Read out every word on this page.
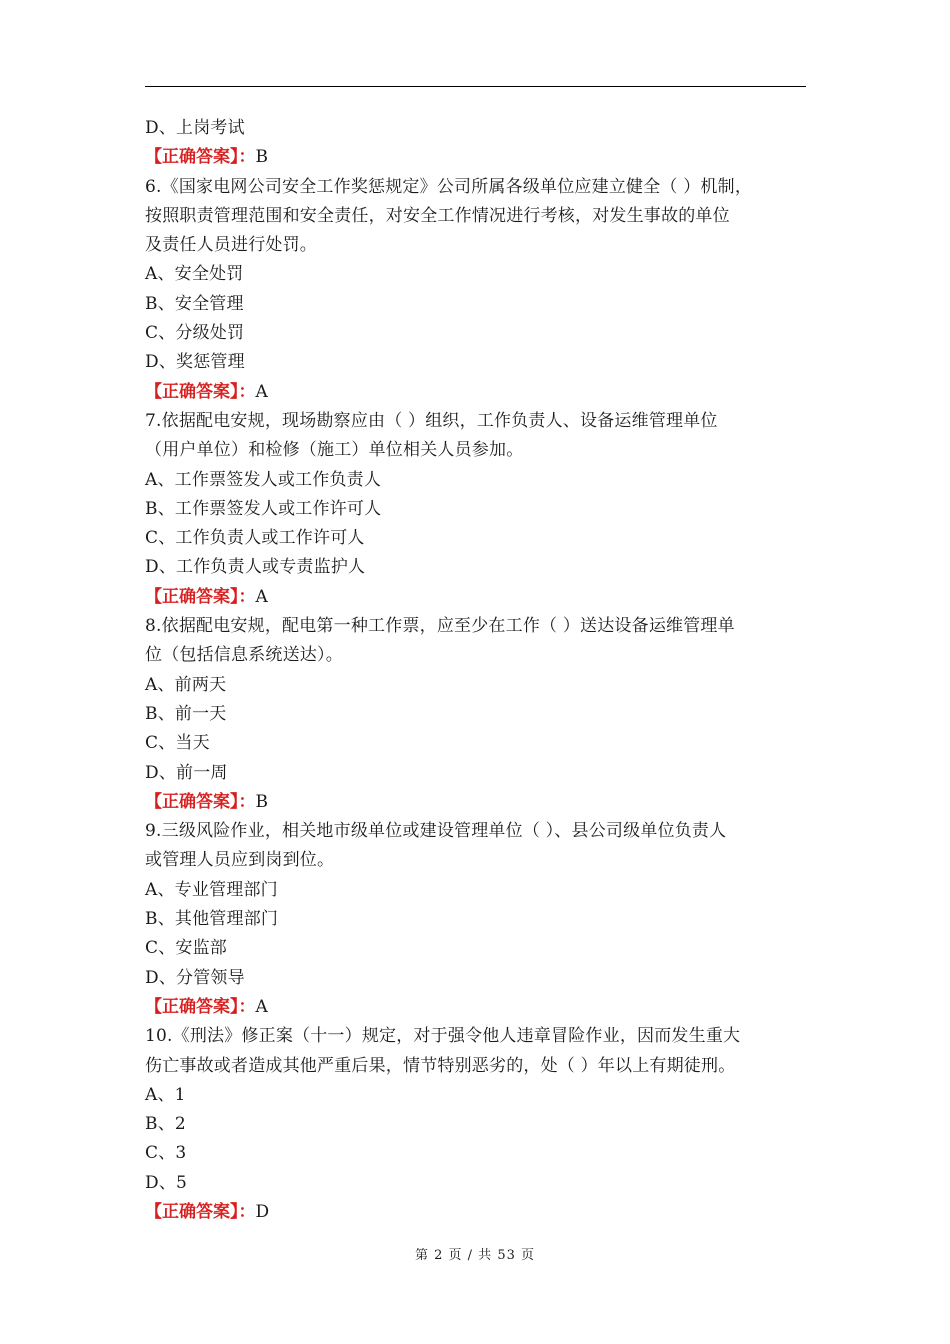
D、上岗考试
【正确答案】：B
6.《国家电网公司安全工作奖惩规定》公司所属各级单位应建立健全（ ）机制，
按照职责管理范围和安全责任，对安全工作情况进行考核，对发生事故的单位
及责任人员进行处罚。
A、安全处罚
B、安全管理
C、分级处罚
D、奖惩管理
【正确答案】：A
7.依据配电安规，现场勘察应由（ ）组织，工作负责人、设备运维管理单位
（用户单位）和检修（施工）单位相关人员参加。
A、工作票签发人或工作负责人
B、工作票签发人或工作许可人
C、工作负责人或工作许可人
D、工作负责人或专责监护人
【正确答案】：A
8.依据配电安规，配电第一种工作票，应至少在工作（ ）送达设备运维管理单
位（包括信息系统送达）。
A、前两天
B、前一天
C、当天
D、前一周
【正确答案】：B
9.三级风险作业，相关地市级单位或建设管理单位（ ）、县公司级单位负责人
或管理人员应到岗到位。
A、专业管理部门
B、其他管理部门
C、安监部
D、分管领导
【正确答案】：A
10.《刑法》修正案（十一）规定，对于强令他人违章冒险作业，因而发生重大
伤亡事故或者造成其他严重后果，情节特别恶劣的，处（ ）年以上有期徒刑。
A、1
B、2
C、3
D、5
【正确答案】：D
第 2 页 / 共 53 页
